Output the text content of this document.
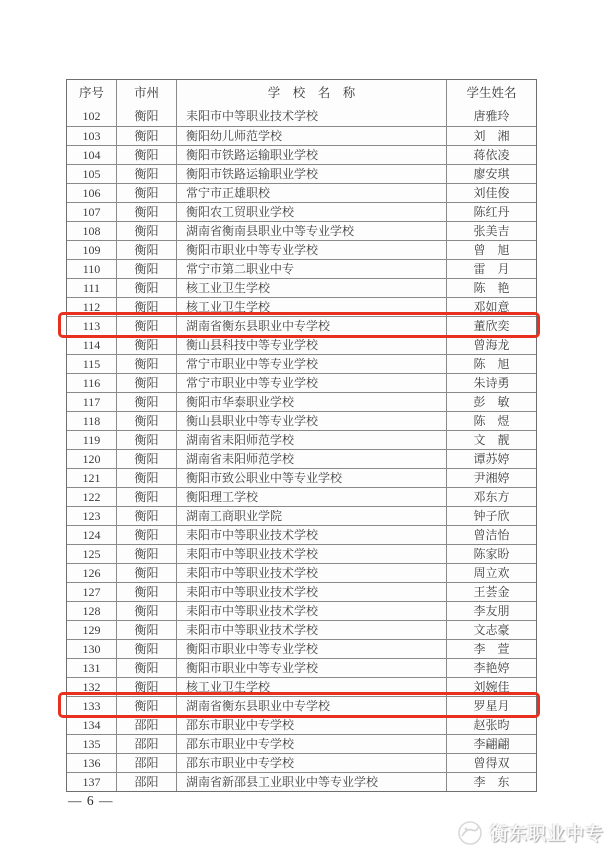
序号	市州	学　校　名　称	学生姓名
102	衡阳	耒阳市中等职业技术学校	唐雅玲
103	衡阳	衡阳幼儿师范学校	刘　湘
104	衡阳	衡阳市铁路运输职业学校	蒋依凌
105	衡阳	衡阳市铁路运输职业学校	廖安琪
106	衡阳	常宁市正雄职校	刘佳俊
107	衡阳	衡阳农工贸职业学校	陈红丹
108	衡阳	湖南省衡南县职业中等专业学校	张美吉
109	衡阳	衡阳市职业中等专业学校	曾　旭
110	衡阳	常宁市第二职业中专	雷　月
111	衡阳	核工业卫生学校	陈　艳
112	衡阳	核工业卫生学校	邓如意
113	衡阳	湖南省衡东县职业中专学校	董欣奕
114	衡阳	衡山县科技中等专业学校	曾海龙
115	衡阳	常宁市职业中等专业学校	陈　旭
116	衡阳	常宁市职业中等专业学校	朱诗勇
117	衡阳	衡阳市华泰职业学校	彭　敏
118	衡阳	衡山县职业中等专业学校	陈　煜
119	衡阳	湖南省耒阳师范学校	文　靓
120	衡阳	湖南省耒阳师范学校	谭苏婷
121	衡阳	衡阳市致公职业中等专业学校	尹湘婷
122	衡阳	衡阳理工学校	邓东方
123	衡阳	湖南工商职业学院	钟子欣
124	衡阳	耒阳市中等职业技术学校	曾洁怡
125	衡阳	耒阳市中等职业技术学校	陈家盼
126	衡阳	耒阳市中等职业技术学校	周立欢
127	衡阳	耒阳市中等职业技术学校	王荟金
128	衡阳	耒阳市中等职业技术学校	李友朋
129	衡阳	耒阳市中等职业技术学校	文志豪
130	衡阳	衡阳市职业中等专业学校	李　萱
131	衡阳	衡阳市职业中等专业学校	李艳婷
132	衡阳	核工业卫生学校	刘婉佳
133	衡阳	湖南省衡东县职业中专学校	罗星月
134	邵阳	邵东市职业中专学校	赵张昀
135	邵阳	邵东市职业中专学校	李翩翩
136	邵阳	邵东市职业中专学校	曾得双
137	邵阳	湖南省新邵县工业职业中等专业学校	李　东
— 6 —
衡东职业中专
